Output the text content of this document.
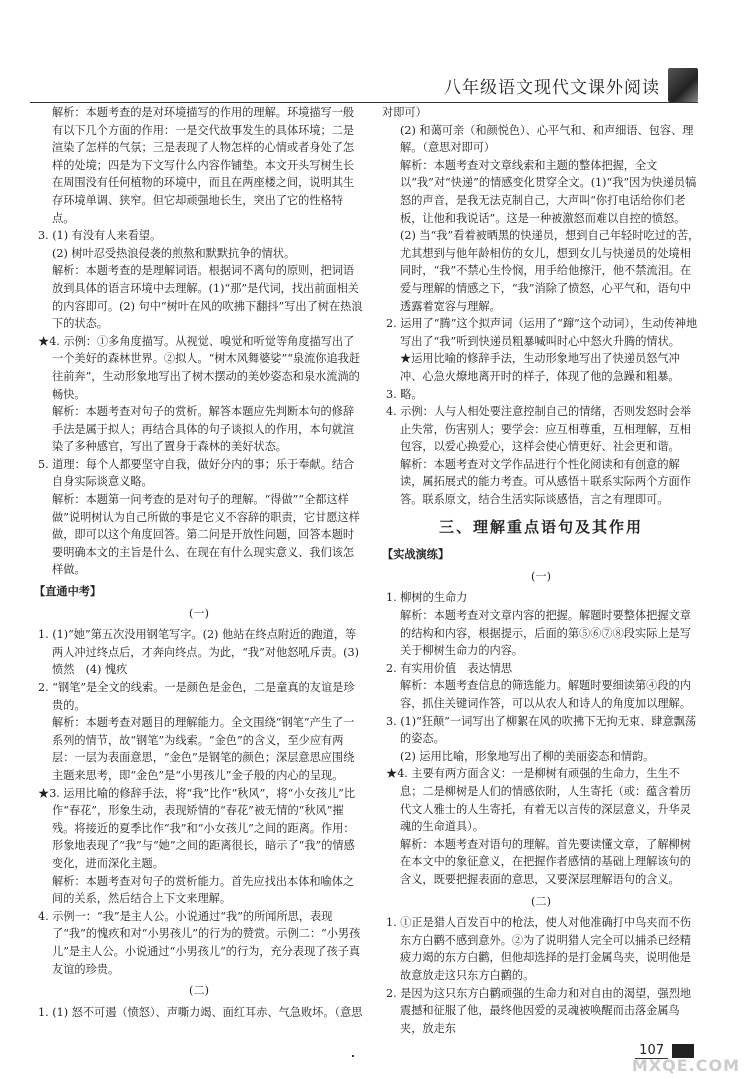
八年级语文现代文课外阅读
解析：本题考查的是对环境描写的作用的理解。环境描写一般有以下几个方面的作用：一是交代故事发生的具体环境；二是渲染了怎样的气氛；三是表现了人物怎样的心情或者身处了怎样的处境；四是为下文写什么内容作铺垫。本文开头写树生长在周围没有任何植物的环境中，而且在两座楼之间，说明其生存环境单调、狭窄。但它却顽强地长生，突出了它的性格特点。
3. (1) 有没有人来看望。
(2) 树叶忍受热浪侵袭的煎熬和默默抗争的情状。
解析：本题考查的是理解词语。根据词不离句的原则，把词语放到具体的语言环境中去理解。(1)“那”是代词，找出前面相关的内容即可。(2) 句中“树叶在风的吹拂下翻抖”写出了树在热浪下的状态。
★4. 示例：①多角度描写。从视觉、嗅觉和听觉等角度描写出了一个美好的森林世界。②拟人。“树木风舞婆娑”“泉流你追我赶往前奔”，生动形象地写出了树木摆动的美妙姿态和泉水流淌的畅快。
解析：本题考查对句子的赏析。解答本题应先判断本句的修辞手法是属于拟人；再结合具体的句子谈拟人的作用，本句就渲染了多种感官，写出了置身于森林的美好状态。
5. 道理：每个人都要坚守自我，做好分内的事；乐于奉献。结合自身实际谈意义略。
解析：本题第一问考查的是对句子的理解。“得做”“全都这样做”说明树认为自己所做的事是它义不容辞的职责，它甘愿这样做，即可以这个角度回答。第二问是开放性问题，回答本题时要明确本文的主旨是什么、在现在有什么现实意义、我们该怎样做。
【直通中考】
(一)
1. (1)“她”第五次没用钢笔写字。(2) 他站在终点附近的跑道，等两人冲过终点后，才奔向终点。为此，“我”对他怒吼斥责。(3) 愤然　(4) 愧疚
2. “钢笔”是全文的线索。一是颜色是金色，二是童真的友谊是珍贵的。
解析：本题考查对题目的理解能力。全文围绕“钢笔”产生了一系列的情节，故“钢笔”为线索。“金色”的含义，至少应有两层：一层为表面意思，“金色”是钢笔的颜色；深层意思应围绕主题来思考，即“金色”是“小男孩儿”金子般的内心的呈现。
★3. 运用比喻的修辞手法，将“我”比作“秋风”，将“小女孩儿”比作“春花”，形象生动，表现矫情的“春花”被无情的“秋风”摧残。将接近的夏季比作“我”和“小女孩儿”之间的距离。作用：形象地表现了“我”与“她”之间的距离很长，暗示了“我”的情感变化，进而深化主题。
解析：本题考查对句子的赏析能力。首先应找出本体和喻体之间的关系，然后结合上下文来理解。
4. 示例一：“我”是主人公。小说通过“我”的所闻所思，表现了“我”的愧疚和对“小男孩儿”的行为的赞赏。示例二：“小男孩儿”是主人公。小说通过“小男孩儿”的行为，充分表现了孩子真友谊的珍贵。
(二)
1. (1) 怒不可遏（愤怒）、声嘶力竭、面红耳赤、气急败坏。（意思
对即可）
(2) 和蔼可亲（和颜悦色）、心平气和、和声细语、包容、理解。（意思对即可）
解析：本题考查对文章线索和主题的整体把握，全文以“我”对“快递”的情感变化贯穿全文。(1)“我”因为快递员犒怒的声音，是我无法克制自己，大声叫“你打电话给你们老板，让他和我说话”。这是一种被激怒而难以自控的愤怒。(2) 当“我”看着被晒黑的快递员，想到自己年轻时吃过的苦，尤其想到与他年龄相仿的女儿，想到女儿与快递员的处境相同时，“我”不禁心生怜悯，用手给他擦汗，他不禁流泪。在爱与理解的情感之下，“我”消除了愤怒，心平气和，语句中透露着宽容与理解。
2. 运用了“腾”这个拟声词（运用了“蹿”这个动词），生动传神地写出了“我”听到快递员粗暴喊叫时心中怒火升腾的情状。
★运用比喻的修辞手法，生动形象地写出了快递员怒气冲冲、心急火燎地离开时的样子，体现了他的急躁和粗暴。
3. 略。
4. 示例：人与人相处要注意控制自己的情绪，否则发怒时会举止失常，伤害别人；要学会：应互相尊重，互相理解，互相包容，以爱心换爱心，这样会使心情更好、社会更和谐。
解析：本题考查对文学作品进行个性化阅读和有创意的解读，属拓展式的能力考查。可从感悟＋联系实际两个方面作答。联系原文，结合生活实际谈感悟，言之有理即可。
三、理解重点语句及其作用
【实战演练】
(一)
1. 柳树的生命力
解析：本题考查对文章内容的把握。解题时要整体把握文章的结构和内容，根据提示，后面的第⑤⑥⑦⑧段实际上是写关于柳树生命力的内容。
2. 有实用价值　表达情思
解析：本题考查信息的筛选能力。解题时要细读第④段的内容，抓住关键词作答，可以从农人和诗人的角度加以理解。
3. (1)“狂颠”一词写出了柳絮在风的吹拂下无拘无束、肆意飘荡的姿态。
(2) 运用比喻，形象地写出了柳的美丽姿态和情韵。
★4. 主要有两方面含义：一是柳树有顽强的生命力，生生不息；二是柳树是人们的情感依附，人生寄托（或：蕴含着历代文人雅士的人生寄托，有着无以言传的深层意义，升华灵魂的生命道具）。
解析：本题考查对语句的理解。首先要读懂文章，了解柳树在本文中的象征意义，在把握作者感情的基础上理解该句的含义，既要把握表面的意思，又要深层理解语句的含义。
(二)
1. ①正是猎人百发百中的枪法，使人对他准确打中鸟夹而不伤东方白鹳不感到意外。②为了说明猎人完全可以捕杀已经精疲力竭的东方白鹳，但他却选择的是打金属鸟夹，说明他是故意放走这只东方白鹳的。
2. 是因为这只东方白鹳顽强的生命力和对自由的渴望，强烈地震撼和征服了他，最终他因爱的灵魂被唤醒而击落金属鸟夹，放走东
107
MXQE.COM
